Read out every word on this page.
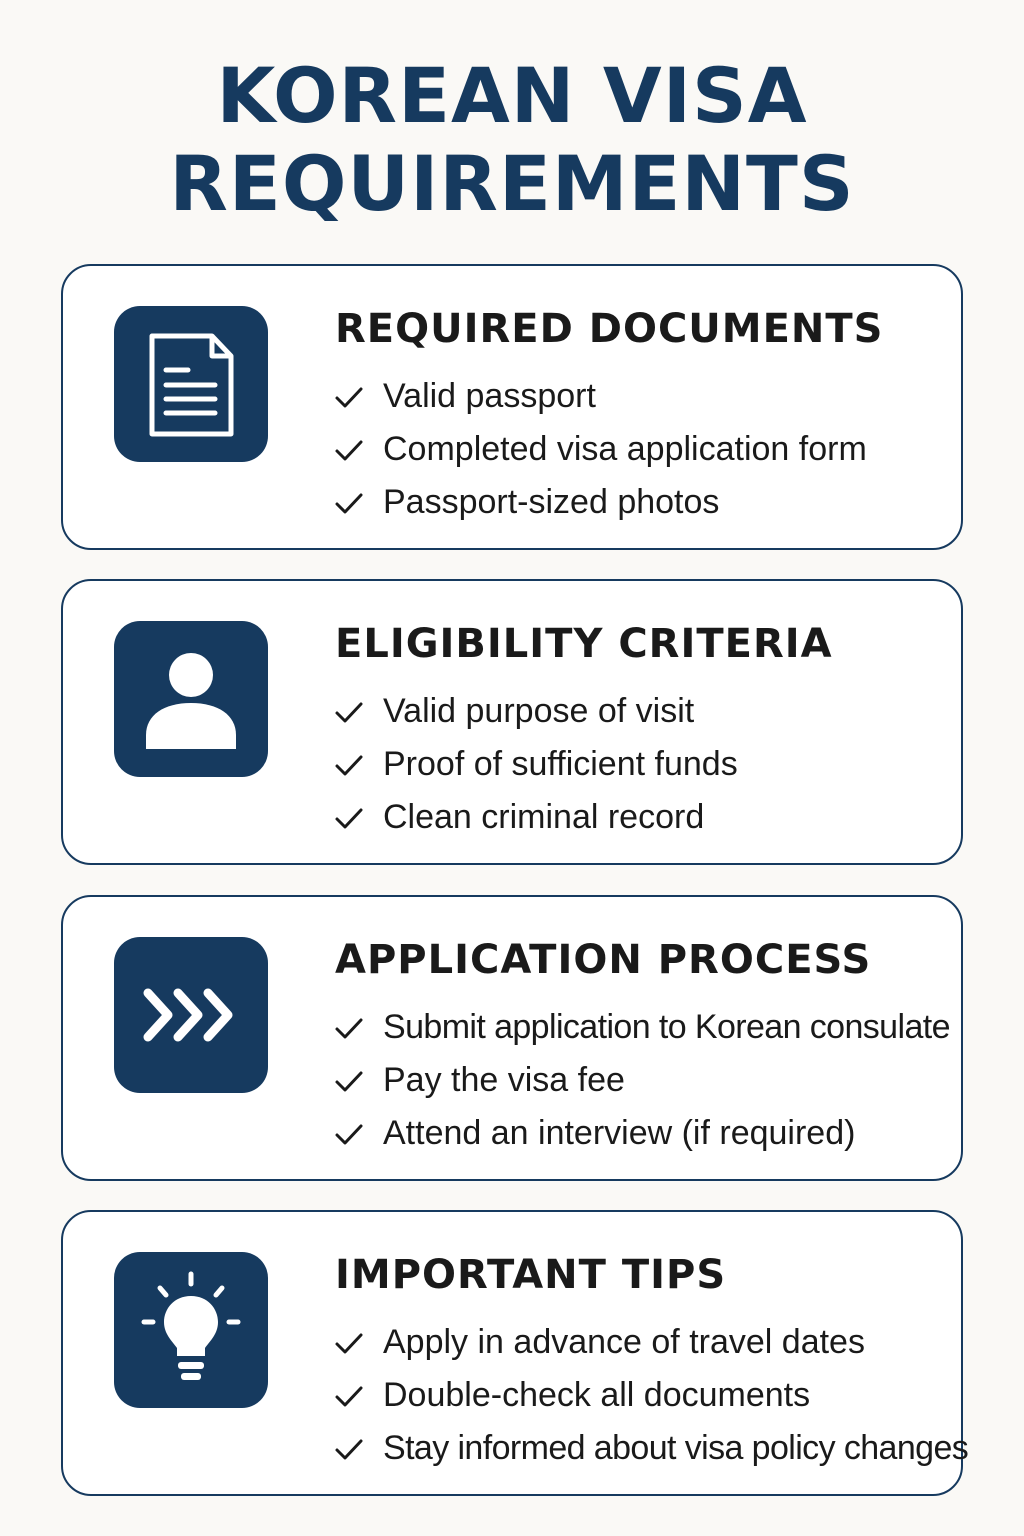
KOREAN VISA
REQUIREMENTS
REQUIRED DOCUMENTS
Valid passport
Completed visa application form
Passport-sized photos
ELIGIBILITY CRITERIA
Valid purpose of visit
Proof of sufficient funds
Clean criminal record
APPLICATION PROCESS
Submit application to Korean consulate
Pay the visa fee
Attend an interview (if required)
IMPORTANT TIPS
Apply in advance of travel dates
Double-check all documents
Stay informed about visa policy changes
